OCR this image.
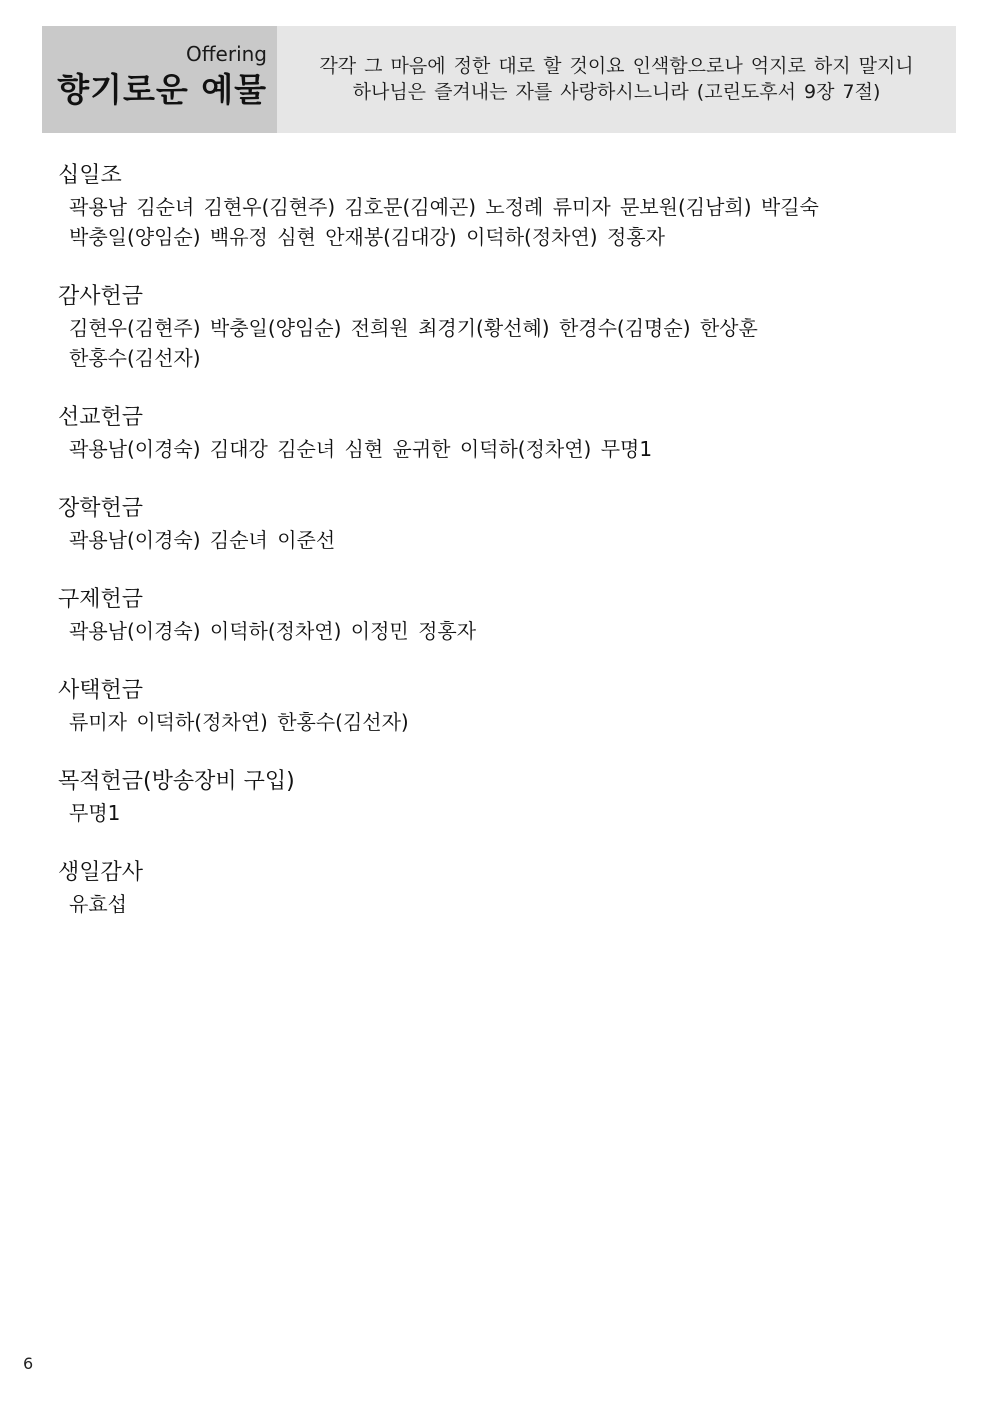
Offering
향기로운 예물
각각 그 마음에 정한 대로 할 것이요 인색함으로나 억지로 하지 말지니
하나님은 즐겨내는 자를 사랑하시느니라 (고린도후서 9장 7절)
십일조
곽용남 김순녀 김현우(김현주) 김호문(김예곤) 노정례 류미자 문보원(김남희) 박길숙
박충일(양임순) 백유정 심현 안재봉(김대강) 이덕하(정차연) 정홍자
감사헌금
김현우(김현주) 박충일(양임순) 전희원 최경기(황선혜) 한경수(김명순) 한상훈
한홍수(김선자)
선교헌금
곽용남(이경숙) 김대강 김순녀 심현 윤귀한 이덕하(정차연) 무명1
장학헌금
곽용남(이경숙) 김순녀 이준선
구제헌금
곽용남(이경숙) 이덕하(정차연) 이정민 정홍자
사택헌금
류미자 이덕하(정차연) 한홍수(김선자)
목적헌금(방송장비 구입)
무명1
생일감사
유효섭
6
